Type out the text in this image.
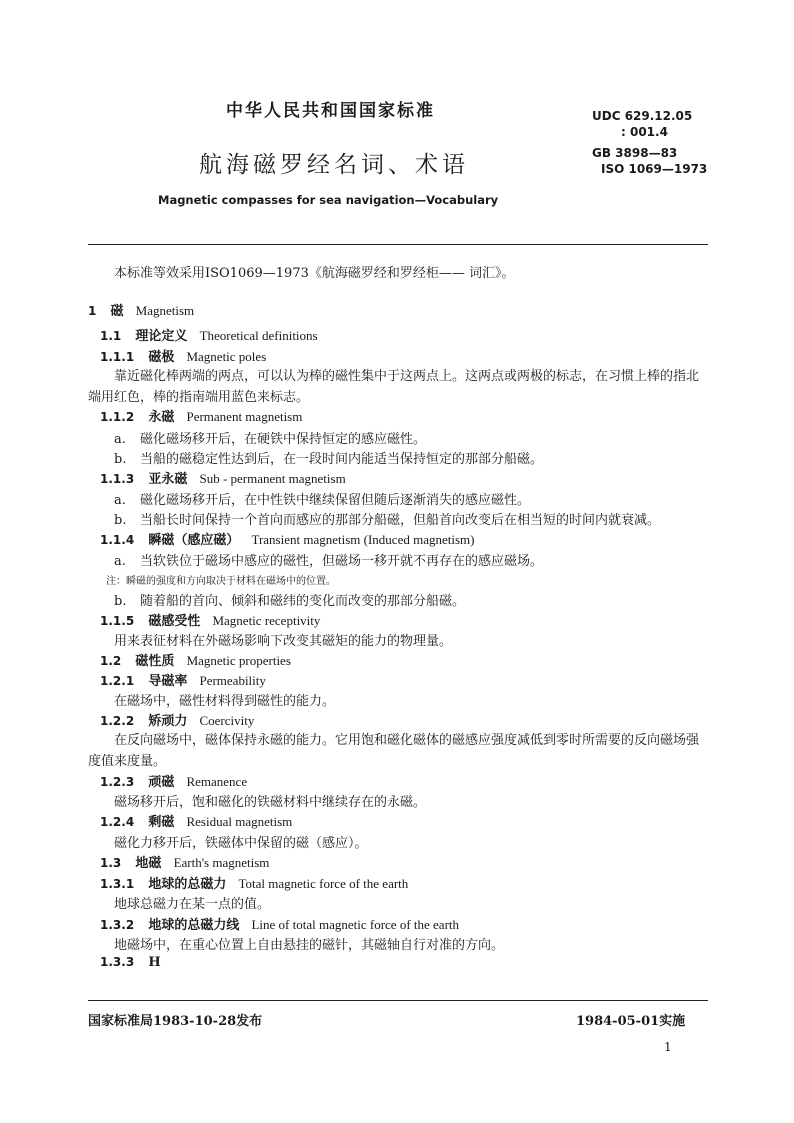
中华人民共和国国家标准
航海磁罗经名词、术语
Magnetic compasses for sea navigation—Vocabulary
UDC 629.12.05
: 001.4
GB 3898—83
ISO 1069—1973
本标准等效采用ISO1069—1973《航海磁罗经和罗经柜—— 词汇》。
1 磁 Magnetism
1.1 理论定义 Theoretical definitions
1.1.1 磁极 Magnetic poles
靠近磁化棒两端的两点，可以认为棒的磁性集中于这两点上。这两点或两极的标志，在习惯上棒的指北端用红色，棒的指南端用蓝色来标志。
1.1.2 永磁 Permanent magnetism
a. 磁化磁场移开后，在硬铁中保持恒定的感应磁性。
b. 当船的磁稳定性达到后，在一段时间内能适当保持恒定的那部分船磁。
1.1.3 亚永磁 Sub - permanent magnetism
a. 磁化磁场移开后，在中性铁中继续保留但随后逐渐消失的感应磁性。
b. 当船长时间保持一个首向而感应的那部分船磁，但船首向改变后在相当短的时间内就衰减。
1.1.4 瞬磁（感应磁） Transient magnetism (Induced magnetism)
a. 当软铁位于磁场中感应的磁性，但磁场一移开就不再存在的感应磁场。
注：瞬磁的强度和方向取决于材料在磁场中的位置。
b. 随着船的首向、倾斜和磁纬的变化而改变的那部分船磁。
1.1.5 磁感受性 Magnetic receptivity
用来表征材料在外磁场影响下改变其磁矩的能力的物理量。
1.2 磁性质 Magnetic properties
1.2.1 导磁率 Permeability
在磁场中，磁性材料得到磁性的能力。
1.2.2 矫顽力 Coercivity
在反向磁场中，磁体保持永磁的能力。它用饱和磁化磁体的磁感应强度减低到零时所需要的反向磁场强度值来度量。
1.2.3 顽磁 Remanence
磁场移开后，饱和磁化的铁磁材料中继续存在的永磁。
1.2.4 剩磁 Residual magnetism
磁化力移开后，铁磁体中保留的磁（感应）。
1.3 地磁 Earth's magnetism
1.3.1 地球的总磁力 Total magnetic force of the earth
地球总磁力在某一点的值。
1.3.2 地球的总磁力线 Line of total magnetic force of the earth
地磁场中，在重心位置上自由悬挂的磁针，其磁轴自行对准的方向。
1.3.3 H
国家标准局1983-10-28发布	1984-05-01实施
1
